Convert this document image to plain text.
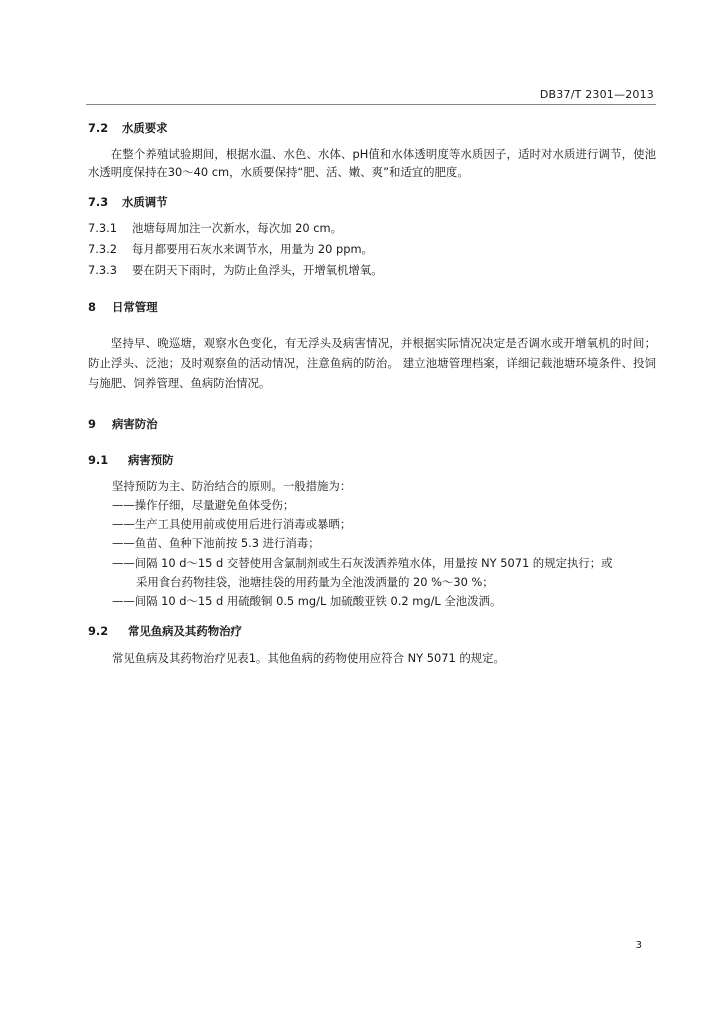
DB37/T 2301—2013
7.2 水质要求
在整个养殖试验期间，根据水温、水色、水体、pH值和水体透明度等水质因子，适时对水质进行调节，使池水透明度保持在30～40 cm，水质要保持“肥、活、嫩、爽”和适宜的肥度。
7.3 水质调节
7.3.1 池塘每周加注一次新水，每次加 20 cm。
7.3.2 每月都要用石灰水来调节水，用量为 20 ppm。
7.3.3 要在阴天下雨时，为防止鱼浮头，开增氧机增氧。
8 日常管理
坚持早、晚巡塘，观察水色变化，有无浮头及病害情况，并根据实际情况决定是否调水或开增氧机的时间；防止浮头、泛池；及时观察鱼的活动情况，注意鱼病的防治。 建立池塘管理档案，详细记载池塘环境条件、投饲与施肥、饲养管理、鱼病防治情况。
9 病害防治
9.1 病害预防
坚持预防为主、防治结合的原则。一般措施为：
——操作仔细，尽量避免鱼体受伤；
——生产工具使用前或使用后进行消毒或暴晒；
——鱼苗、鱼种下池前按 5.3 进行消毒；
——间隔 10 d～15 d 交替使用含氯制剂或生石灰泼洒养殖水体，用量按 NY 5071 的规定执行；或
采用食台药物挂袋，池塘挂袋的用药量为全池泼洒量的 20 %～30 %；
——间隔 10 d～15 d 用硫酸铜 0.5 mg/L 加硫酸亚铁 0.2 mg/L 全池泼洒。
9.2 常见鱼病及其药物治疗
常见鱼病及其药物治疗见表1。其他鱼病的药物使用应符合 NY 5071 的规定。
3
